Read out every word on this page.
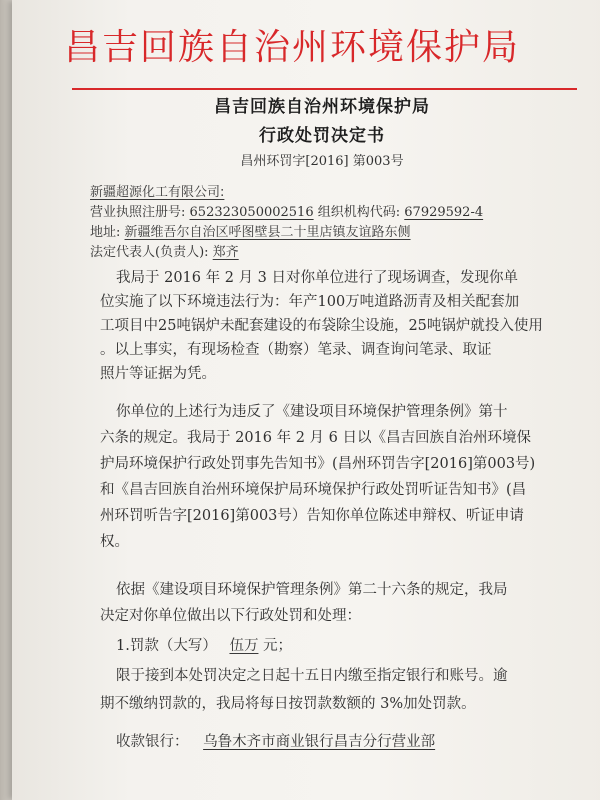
昌吉回族自治州环境保护局
昌吉回族自治州环境保护局
行政处罚决定书
昌州环罚字[2016] 第003号
新疆超源化工有限公司:
营业执照注册号: 652323050002516 组织机构代码: 67929592-4
地址: 新疆维吾尔自治区呼图壁县二十里店镇友谊路东侧
法定代表人(负责人): 郑齐
我局于 2016 年 2 月 3 日对你单位进行了现场调查，发现你单
位实施了以下环境违法行为：年产100万吨道路沥青及相关配套加
工项目中25吨锅炉未配套建设的布袋除尘设施，25吨锅炉就投入使用
。以上事实，有现场检查（勘察）笔录、调查询问笔录、取证
照片等证据为凭。
你单位的上述行为违反了《建设项目环境保护管理条例》第十
六条的规定。我局于 2016 年 2 月 6 日以《昌吉回族自治州环境保
护局环境保护行政处罚事先告知书》(昌州环罚告字[2016]第003号)
和《昌吉回族自治州环境保护局环境保护行政处罚听证告知书》(昌
州环罚听告字[2016]第003号）告知你单位陈述申辩权、听证申请
权。
依据《建设项目环境保护管理条例》第二十六条的规定，我局
决定对你单位做出以下行政处罚和处理：
1.罚款（大写） 伍万 元；
限于接到本处罚决定之日起十五日内缴至指定银行和账号。逾
期不缴纳罚款的，我局将每日按罚款数额的 3%加处罚款。
收款银行： 乌鲁木齐市商业银行昌吉分行营业部
